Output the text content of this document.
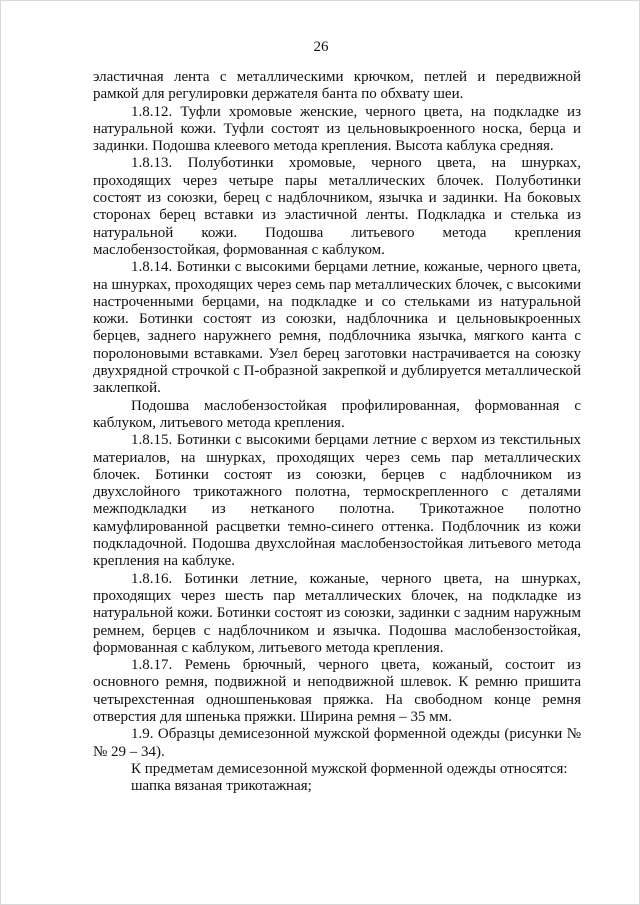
26

эластичная лента с металлическими крючком, петлей и передвижной рамкой для регулировки держателя банта по обхвату шеи.

1.8.12. Туфли хромовые женские, черного цвета, на подкладке из натуральной кожи. Туфли состоят из цельновыкроенного носка, берца и задинки. Подошва клеевого метода крепления. Высота каблука средняя.

1.8.13. Полуботинки хромовые, черного цвета, на шнурках, проходящих через четыре пары металлических блочек. Полуботинки состоят из союзки, берец с надблочником, язычка и задинки. На боковых сторонах берец вставки из эластичной ленты. Подкладка и стелька из натуральной кожи. Подошва литьевого метода крепления маслобензостойкая, формованная с каблуком.

1.8.14. Ботинки с высокими берцами летние, кожаные, черного цвета, на шнурках, проходящих через семь пар металлических блочек, с высокими настроченными берцами, на подкладке и со стельками из натуральной кожи. Ботинки состоят из союзки, надблочника и цельновыкроенных берцев, заднего наружнего ремня, подблочника язычка, мягкого канта с поролоновыми вставками. Узел берец заготовки настрачивается на союзку двухрядной строчкой с П-образной закрепкой и дублируется металлической заклепкой.

Подошва маслобензостойкая профилированная, формованная с каблуком, литьевого метода крепления.

1.8.15. Ботинки с высокими берцами летние с верхом из текстильных материалов, на шнурках, проходящих через семь пар металлических блочек. Ботинки состоят из союзки, берцев с надблочником из двухслойного трикотажного полотна, термоскрепленного с деталями межподкладки из нетканого полотна. Трикотажное полотно камуфлированной расцветки темно-синего оттенка. Подблочник из кожи подкладочной. Подошва двухслойная маслобензостойкая литьевого метода крепления на каблуке.

1.8.16. Ботинки летние, кожаные, черного цвета, на шнурках, проходящих через шесть пар металлических блочек, на подкладке из натуральной кожи. Ботинки состоят из союзки, задинки с задним наружным ремнем, берцев с надблочником и язычка. Подошва маслобензостойкая, формованная с каблуком, литьевого метода крепления.

1.8.17. Ремень брючный, черного цвета, кожаный, состоит из основного ремня, подвижной и неподвижной шлевок. К ремню пришита четырехстенная одношпеньковая пряжка. На свободном конце ремня отверстия для шпенька пряжки. Ширина ремня – 35 мм.

1.9. Образцы демисезонной мужской форменной одежды (рисунки №№ 29 – 34).

К предметам демисезонной мужской форменной одежды относятся:

шапка вязаная трикотажная;
